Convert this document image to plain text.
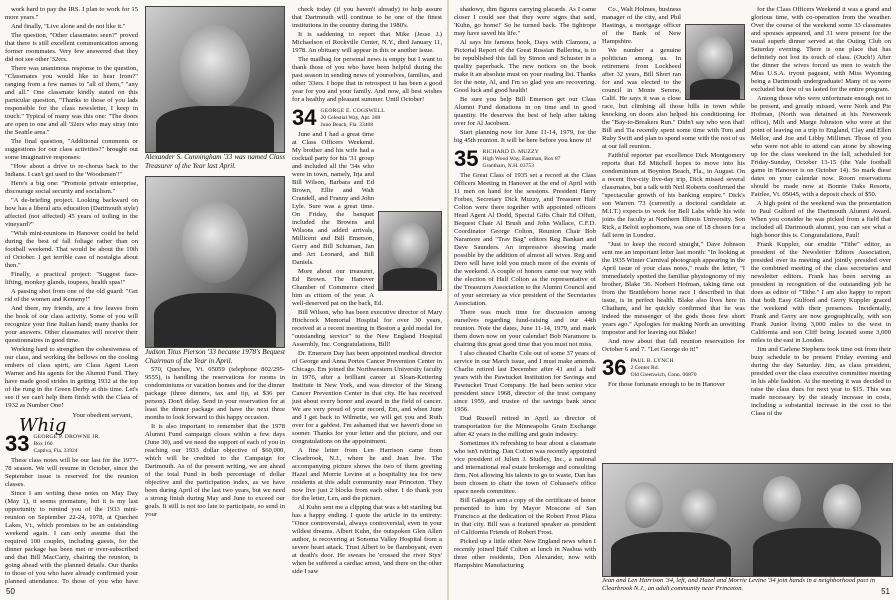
work hard to pay the IRS. I plan to work for 15 more years."

And finally, "Live alone and do not like it."

The question, "Other classmates seen?" proved that there is still excellent communication among former roommates. Very few answered that they did not see other '32ers.

There was unanimous response to the question, "Classmates you would like to hear from?" ranging from a few names to "all of them," "any and all." One classmate kindly stated on this particular question, "Thanks to those of you lads responsible for the class newsletter, I keep in touch." Typical of many was this one: "The doors are open to one and all '32ers who may stray into the Seattle area."

The final question, "Additional comments or suggestions for our class activities?" brought out some imaginative responses:

"How about a drive to re-chorus back to the Indians. I can't get used to the 'Woodsmen'!"

Here's a big one: "Promote private enterprise, discourage social security and socialism."

"A de-briefing project. Looking backward on how has a liberal arts education (Dartmouth style) affected (not affected) 45 years of toiling in the vineyard?"

"Wish mini-reunions in Hanover could be held during the best of fall foliage rather than on football weekend. That would be about the 10th of October. I get terrible case of nostalgia about then."

Finally, a practical project: "Suggest face-lifting, monkey glands, toupees, health spas!"

A passing shot from one of the old guard: "Get rid of the women and Kemeny!"

And there, my friends, are a few leaves from the book of our class activity. Some of you will recognize your fine Italian hand; many thanks for your answers. Other classmates will receive their questionnaires in good time.

Working hard to strengthen the cohesiveness of our class, and working the bellows on the cooling embers of class spirit, are Class Agent Leon Warner and his agents for the Alumni Fund. They have made good strides in getting 1932 at the top of the rung in the Green Derby at this time. Let's see if we can't help them finish with the Class of 1932 as Number One!

Your obedient servant,
Whig
33 GEORGE P. DROWNE JR.
Box 160
Captiva, Fla. 33924

These class notes will be our last for the 1977-78 season. We will resume in October, since the September issue is reserved for the reunion classes.

Since I am writing these notes on May Day (May 1), it seems premature, but it is my last opportunity to remind you of the 1933 mini-reunion on September 22-24, 1978, at Quechee Lakes, Vt., which promises to be an outstanding weekend again. I can only assume that the required 100 couples, including guests, for the dinner package has been met or over-subscribed and that Bill MacCarty, chairing the reunion, is going ahead with the planned details. Our thanks to those of you who have already confirmed your planned attendance. To those of you who have

Alexander S. Cunningham '33 was named Class Treasurer of the Year last April.

Judson Titus Pierson '33 became 1978's Bequest Chairman of the Year in April.

570, Quechee, Vt. 05059 (telephone 802/295-9555), is handling the reservations for rooms in condominiums or vacation homes and for the dinner package (three dinners, tax and tip, at $36 per person). Don't delay. Send in your reservation for at least the dinner package and have the next three months to look forward to this happy occasion.

It is also important to remember that the 1978 Alumni Fund campaign closes within a few days (June 30), and we need the support of each of you in reaching our 1933 dollar objective of $60,000, which will be credited to the Campaign for Dartmouth. As of the present writing, we are ahead of the total Fund in both percentage of dollar objective and the participation index, as we have been during April of the last two years, but we need a strong finish during May and June to exceed our goals. It still is not too late to participate, so send in your

check today (if you haven't already) to help assure that Dartmouth will continue to be one of the finest institutions in the country during the 1980's.

It is saddening to report that Mike (Jesse J.) Michaelson of Rockville Center, N.Y., died January 11, 1978. An obituary will appear in this or another issue.

The mailbag for personal news is empty but I want to thank those of you who have been helpful during the past season in sending news of yourselves, families, and other '33ers. I hope that in retrospect it has been a good year for you and your family. And now, all best wishes for a healthy and pleasant summer. Until October!

34 GEORGE E. COGSWELL
20 Celestial Way, Apt. 308
Juno Beach, Fla. 33408

June and I had a great time at Class Officers Weekend. My brother and his wife had a cocktail party for his '31 group and included all the '34s who were in town, namely, Irja and Bill Wilson, Barbara and Ed Brown, Ellie and Walt Crandell, and Franny and John Lyle. Sure was a great time. On Friday, the banquet included the Browns and Wilsons and added arrivals, Millicent and Bill Emerson, Gerry and Bill Schuman, Jan and Art Leonard, and Bill Daniels.

More about our treasurer, Ed Brown. The Hanover Chamber of Commerce cited him as citizen of the year. A well-deserved pat on the back, Ed.

Bill Wilson, who has been executive director of Mary Hitchcock Memorial Hospital for over 30 years, received at a recent meeting in Boston a gold medal for "outstanding service" to the New England Hospital Assembly, Inc. Congratulations, Bill!

Dr. Emerson Day has been appointed medical director of George and Anna Portes Cancer Prevention Center in Chicago. Em joined the Northwestern University faculty in 1976, after a brilliant career at Sloan-Kettering Institute in New York, and was director of the Strang Cancer Prevention Center in that city. He has received just about every honor and award in the field of cancer. We are very proud of your record, Em, and when June and I get back to Wilmette, we will get you and Ruth over for a gabfest. I'm ashamed that we haven't done so sooner. Thanks for your letter and the picture, and our congratulations on the appointment.

A fine letter from Len Harrison came from Clearbrook, N.J., where he and Jean live. The accompanying picture shows the two of them greeting Hazel and Morrie Levine at a hospitality tea for new residents at this adult community near Princeton. They now live just 2 blocks from each other. I do thank you for the letter, Len, and the picture.

Al Kuhn sent me a clipping that was a bit startling but has a happy ending. I quote the article in its entirety: "Once controversial, always controversial, even in your wildest dreams. Albert Kuhn, the outspoken Glen Allen author, is recovering at Sonoma Valley Hospital from a severe heart attack. Trust Albert to be flamboyant, even at death's door. He swears he 'crossed the river Styx' when he suffered a cardiac arrest, 'and there on the other side I saw

50

shadowy, dim figures carrying placards. As I came closer I could see that they were signs that said, 'Kuhn, go home!' So he turned back. The tightrope may have saved his life."

Al says his famous book, Days with Clamora, a Pictorial Report of the Great Russian Ballerina, is to be republished this fall by Simon and Schuster in a quality paperback. The new notices on the book make it an absolute must on your reading list. Thanks for the note, Al, and I'm so glad you are recovering. Good luck and good health!

Be sure you help Bill Emerson get our Class Alumni Fund donations in on time and in good quantity. He deserves the best of help after taking over for Al Jacobsen.

Start planning now for June 11-14, 1979, for the big 45th reunion. It will be here before you know it!

35 RICHARD D. MUZZY
High Wood Way, Eastman, Box 87
Grantham, N.H. 03753

The Great Class of 1935 set a record at the Class Officers Meeting in Hanover at the end of April with 11 men on hand for the sessions. President Harry Forbes, Secretary Dick Muzzy, and Treasurer Half Colton were there together with appointed officers Head Agent Al Dodd, Special Gifts Chair Ed Offutt, Bequest Chair Al Brush and John Wallace, C.F.D. Coordinator George Colton, Reunion Chair Bob Naramore and "Trav Bag" editors Reg Bankart and Dave Saunders. An impressive showing made possible by the addition of almost all wives. Reg and Dero will have told you much more of the events of the weekend. A couple of honors came our way with the election of Half Colton as the representative of the Treasurers Association to the Alumni Council and of your secretary as vice president of the Secretaries Association.

There was much time for discussion among ourselves regarding fund-raising and our 44th reunion. Note the dates, June 11-14, 1979, and mark them down now on your calendar! Bob Naramore is chairing this great good time that you must not miss.

I also cheated Charlie Cole out of some 37 years of service in our March issue, and I must make amends. Charlie retired last December after 41 and a half years with the Pawtucket Institution for Savings and Pawtucket Trust Company. He had been senior vice president since 1968, director of the trust company since 1959, and trustee of the savings bank since 1956.

Dud Russell retired in April as director of transportation for the Minneapolis Grain Exchange after 42 years in the milling and grain industry.

Sometimes it's refreshing to hear about a classmate who isn't retiring. Dan Cotton was recently appointed vice president of Julien J. Studley, Inc., a national and international real estate brokerage and consulting firm. Not allowing his talents to go to waste, Dan has been chosen to chair the town of Cohasset's office space needs committee.

Bill Gahagan sent a copy of the certificate of honor presented to him by Mayor Moscone of San Francisco at the dedication of the Robert Frost Plaza in that city. Bill was a featured speaker as president of California Friends of Robert Frost.

Picked up a little other New England news when I recently joined Half Colton at lunch in Nashua with three other residents, Don Alexander, now with Hampshire Manufacturing

Co., Walt Holmes, business manager of the city, and Phil Hastings, a mortgage officer of the Bank of New Hampshire.

We number a genuine politician among us. In retirement from Lockheed after 32 years, Bill Short ran for and was elected to the council in Monte Sereno, Calif. He says it was a close race, but climbing all those hills in town while knocking on doors also helped his conditioning for the "Bay-to-Breakers Run." Didn't say who won that! Bill and Tia recently spent some time with Tom and Ruby Swift and plan to spend some with the rest of us at our fall reunion.

Faithful reporter par excellence Dick Montgomery reports that Ed Mitchell hopes to move into his condominium at Boynton Beach, Fla., in August. On a recent five-city five-day trip, Dick missed several classmates, but a talk with Neil Roberts confirmed the "spectacular growth of his banking empire." Dick's son Warren '73 (currently a doctoral candidate at M.I.T.) expects to work for Bell Labs while his wife joins the faculty at Northern Illinois University. Son Rick, a Beloit sophomore, was one of 18 chosen for a fall term in London.

"Just to keep the record straight," Dave Johnson sent me an important letter last month: "In looking at the 1935 Winter Carnival photograph appearing in the April issue of your class notes," reads the letter, "I immediately spotted the familiar physiognomy of my brother, Blake '36. Norbert Hofman, taking time out from the Brattleboro horse race I described in that issue, is in perfect health. Blake also lives here in Chatham, and he quickly confirmed that he was indeed the messenger of the gods those few short years ago." Apologies for making North an unwitting impostor and for leaving out Blake!

And now about that fall reunion reservation for October 6 and 7. "Let George do it!"

36 PAUL B. LYNCH
2 Center Rd.
Old Greenwich, Conn. 06870

For those fortunate enough to be in Hanover

for the Class Officers Weekend it was a grand and glorious time, with co-operation from the weather. Over the course of the weekend some 33 classmates and spouses appeared, and 31 were present for the usual superb dinner served at the Outing Club on Saturday evening. There is one place that has definitely not lost its touch of class. (Ouch!) After the dinner the wives forced us men to watch the Miss U.S.A. tryout pageant, with Miss Wyoming being a Dartmouth undergraduate! Many of us were excluded but few of us lasted for the entire program.

Among those who were unfortunate enough not to be present, and greatly missed, were Nork and Pie Hofman, (North was detained at his Newsweek office), Milt and Marge Johnston who were at the point of leaving on a trip to England, Clay and Ellen Mellor, and Joe and Libby Millimet. Those of you who were not able to attend can atone by showing up for the class weekend in the fall, scheduled for Friday-Sunday, October 13-15 (the Yale football game in Hanover is on October 14). So mark these dates on your calendar now. Room reservations should be made now at Bonnie Oaks Resorts, Fairlee, Vt. 05045, with a deposit check of $50.

A high point of the weekend was the presentation to Paul Gulford of the Dartmouth Alumni Award. When you consider he was picked from a field that included all Dartmouth alumni, you can see what a high honor this is. Congratulations, Paul!

Frank Kuppler, our erudite "Tithe" editor, as president of the Newsletter Editors Association, presided over its meeting and jointly presided over the combined meeting of the class secretaries and newsletter editors. Frank has been serving as president in recognition of the outstanding job he does as editor of "Tithe." I am also happy to report that both Easy Gulford and Gerry Kuppler graced the weekend with their presences. Incidentally, Frank and Gerry are now geographically, with son Frank Junior living 3,000 miles to the west in California and son Cliff being located some 3,000 miles to the east in London.

Jim and Carlene Stephens took time out from their busy schedule to be present Friday evening and during the day Saturday. Jim, as class president, presided over the class executive committee meeting in his able fashion. At the meeting it was decided to raise the class dues for next year to $15. This was made necessary by the steady increase in costs, including a substantial increase in the cost to the Class of the

Jean and Len Harrison '34, left, and Hazel and Morrie Levine '34 join hands in a neighborhood pact in Clearbrook N.J., an adult community near Princeton.	51
